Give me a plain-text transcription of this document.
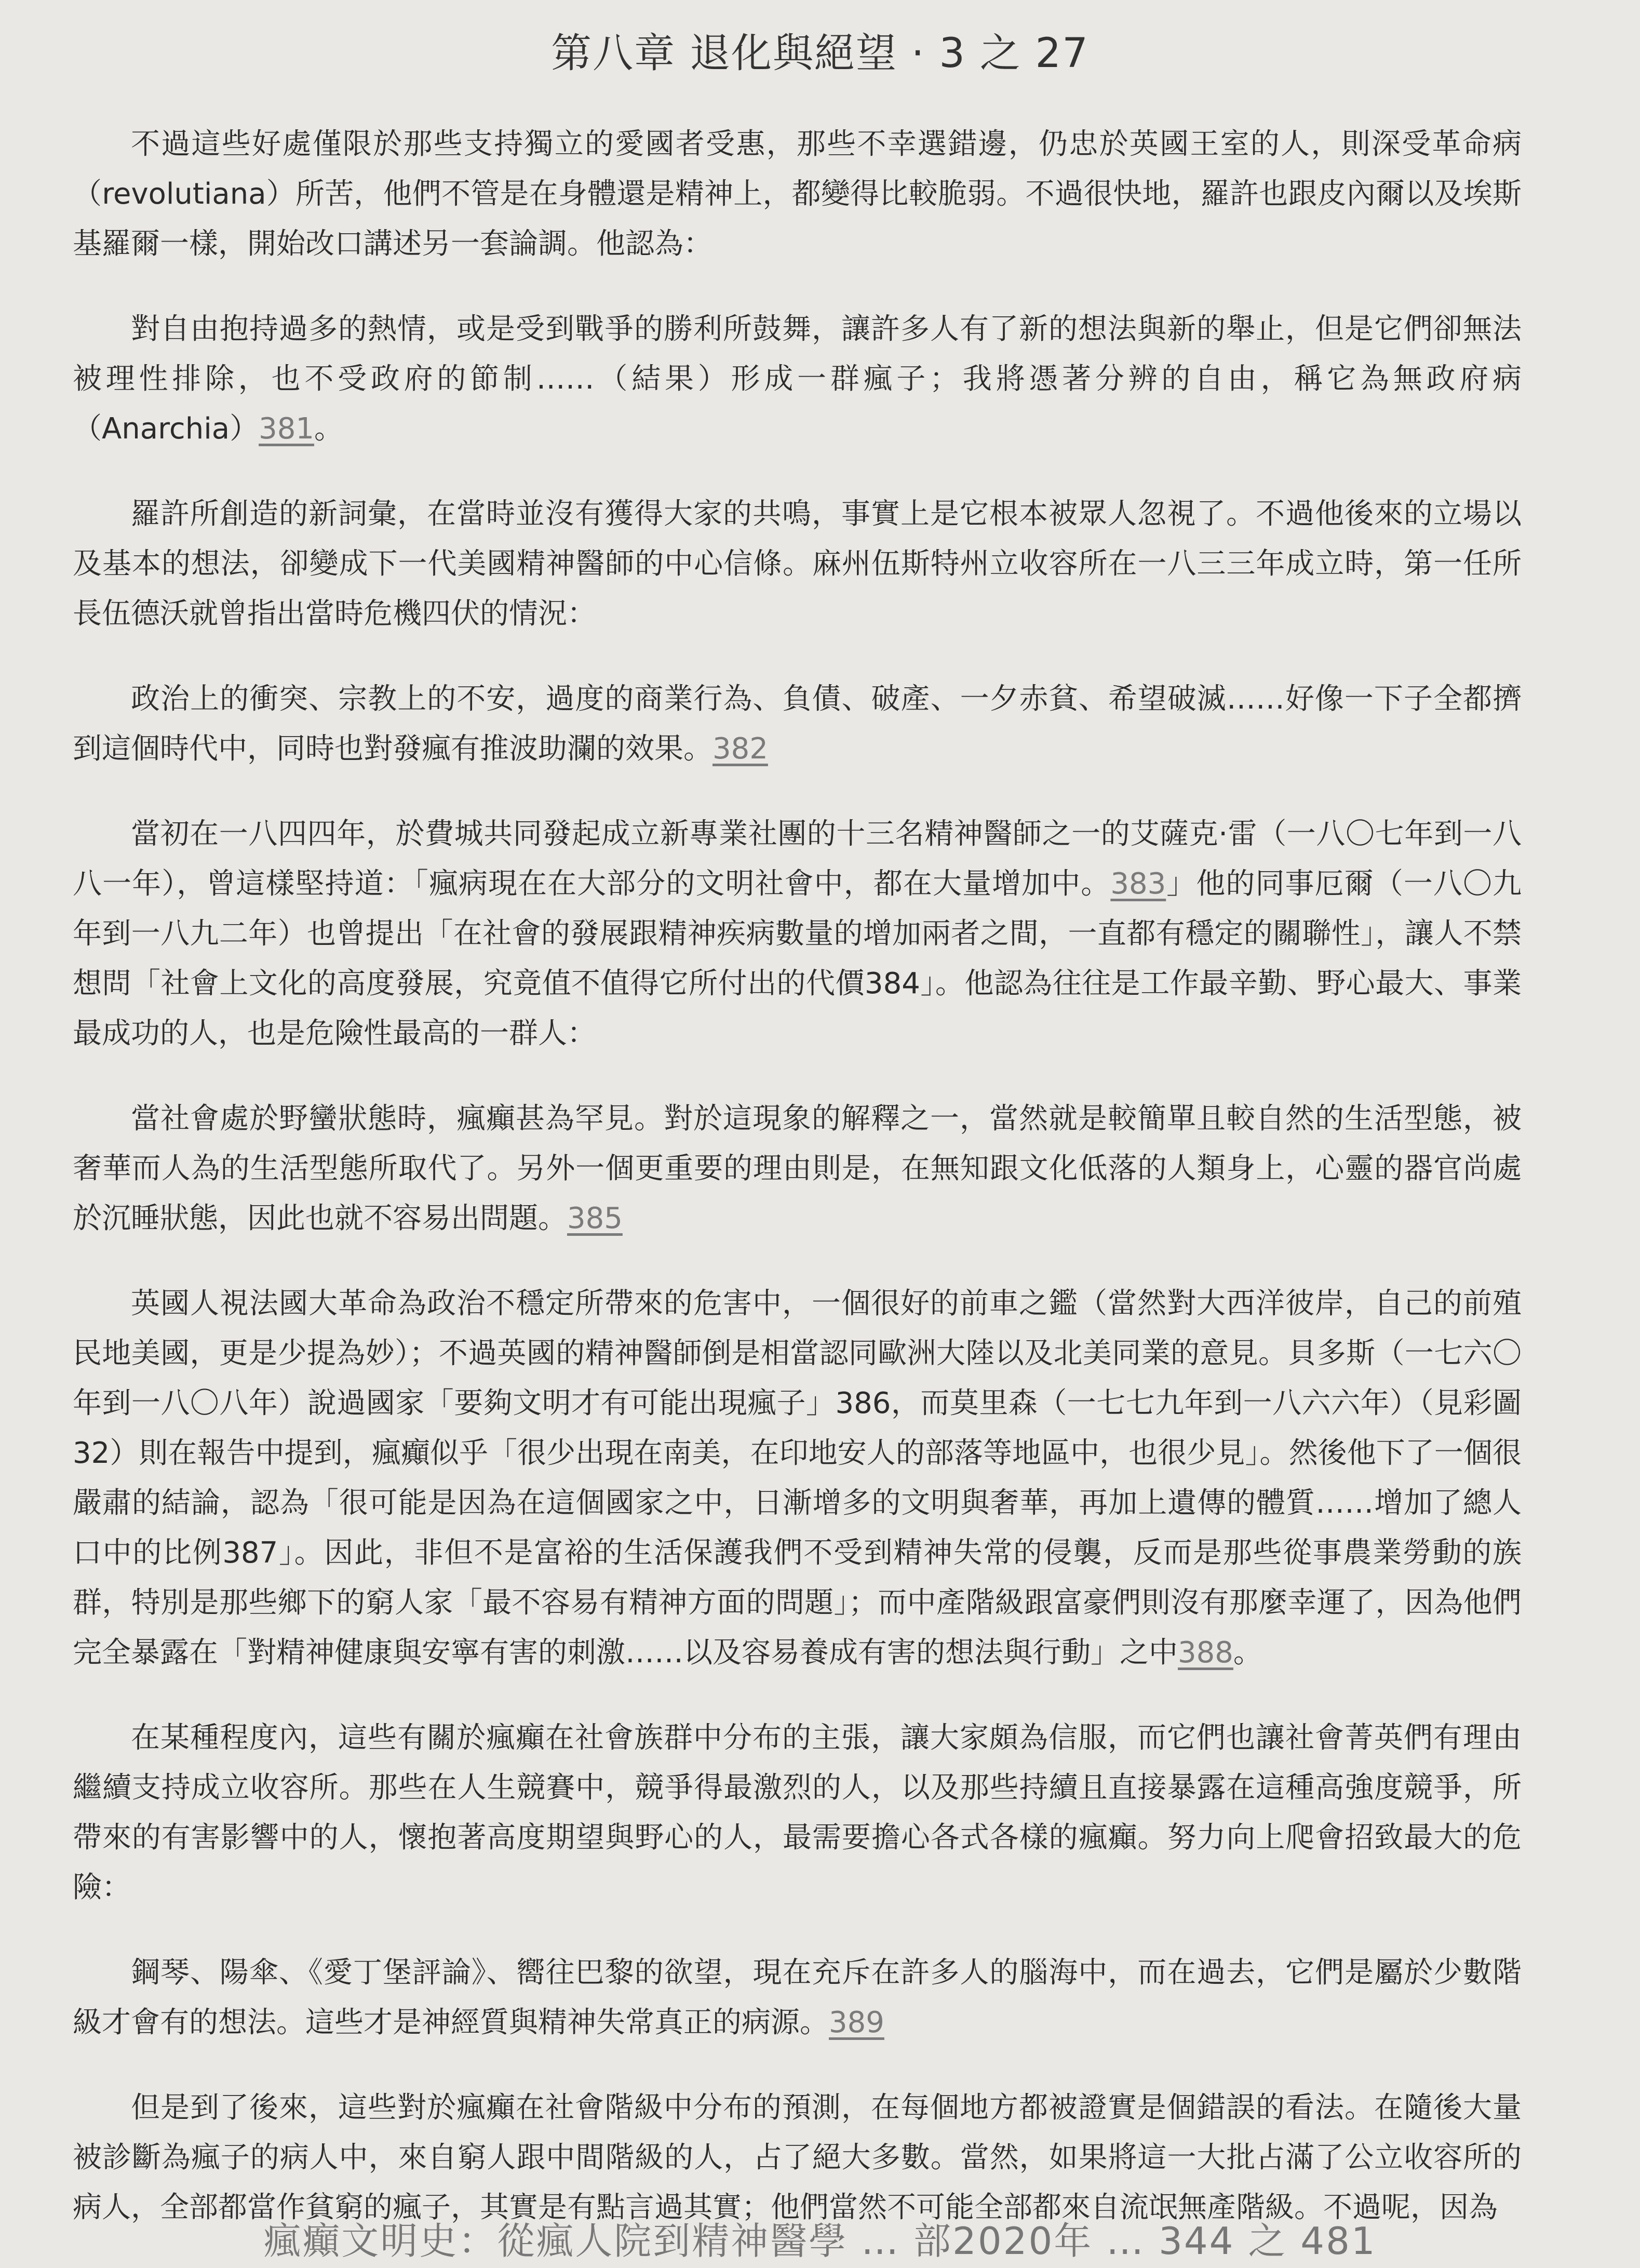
第八章 退化與絕望 · 3 之 27

不過這些好處僅限於那些支持獨立的愛國者受惠，那些不幸選錯邊，仍忠於英國王室的人，則深受革命病（revolutiana）所苦，他們不管是在身體還是精神上，都變得比較脆弱。不過很快地，羅許也跟皮內爾以及埃斯基羅爾一樣，開始改口講述另一套論調。他認為：

對自由抱持過多的熱情，或是受到戰爭的勝利所鼓舞，讓許多人有了新的想法與新的舉止，但是它們卻無法被理性排除，也不受政府的節制……（結果）形成一群瘋子；我將憑著分辨的自由，稱它為無政府病（Anarchia）381。

羅許所創造的新詞彙，在當時並沒有獲得大家的共鳴，事實上是它根本被眾人忽視了。不過他後來的立場以及基本的想法，卻變成下一代美國精神醫師的中心信條。麻州伍斯特州立收容所在一八三三年成立時，第一任所長伍德沃就曾指出當時危機四伏的情況：

政治上的衝突、宗教上的不安，過度的商業行為、負債、破產、一夕赤貧、希望破滅……好像一下子全都擠到這個時代中，同時也對發瘋有推波助瀾的效果。382

當初在一八四四年，於費城共同發起成立新專業社團的十三名精神醫師之一的艾薩克·雷（一八〇七年到一八八一年），曾這樣堅持道：「瘋病現在在大部分的文明社會中，都在大量增加中。383」他的同事厄爾（一八〇九年到一八九二年）也曾提出「在社會的發展跟精神疾病數量的增加兩者之間，一直都有穩定的關聯性」，讓人不禁想問「社會上文化的高度發展，究竟值不值得它所付出的代價384」。他認為往往是工作最辛勤、野心最大、事業最成功的人，也是危險性最高的一群人：

當社會處於野蠻狀態時，瘋癲甚為罕見。對於這現象的解釋之一，當然就是較簡單且較自然的生活型態，被奢華而人為的生活型態所取代了。另外一個更重要的理由則是，在無知跟文化低落的人類身上，心靈的器官尚處於沉睡狀態，因此也就不容易出問題。385

英國人視法國大革命為政治不穩定所帶來的危害中，一個很好的前車之鑑（當然對大西洋彼岸，自己的前殖民地美國，更是少提為妙）；不過英國的精神醫師倒是相當認同歐洲大陸以及北美同業的意見。貝多斯（一七六〇年到一八〇八年）說過國家「要夠文明才有可能出現瘋子」386，而莫里森（一七七九年到一八六六年）（見彩圖32）則在報告中提到，瘋癲似乎「很少出現在南美，在印地安人的部落等地區中，也很少見」。然後他下了一個很嚴肅的結論，認為「很可能是因為在這個國家之中，日漸增多的文明與奢華，再加上遺傳的體質……增加了總人口中的比例387」。因此，非但不是富裕的生活保護我們不受到精神失常的侵襲，反而是那些從事農業勞動的族群，特別是那些鄉下的窮人家「最不容易有精神方面的問題」；而中產階級跟富豪們則沒有那麼幸運了，因為他們完全暴露在「對精神健康與安寧有害的刺激……以及容易養成有害的想法與行動」之中388。

在某種程度內，這些有關於瘋癲在社會族群中分布的主張，讓大家頗為信服，而它們也讓社會菁英們有理由繼續支持成立收容所。那些在人生競賽中，競爭得最激烈的人，以及那些持續且直接暴露在這種高強度競爭，所帶來的有害影響中的人，懷抱著高度期望與野心的人，最需要擔心各式各樣的瘋癲。努力向上爬會招致最大的危險：

鋼琴、陽傘、《愛丁堡評論》、嚮往巴黎的欲望，現在充斥在許多人的腦海中，而在過去，它們是屬於少數階級才會有的想法。這些才是神經質與精神失常真正的病源。389

但是到了後來，這些對於瘋癲在社會階級中分布的預測，在每個地方都被證實是個錯誤的看法。在隨後大量被診斷為瘋子的病人中，來自窮人跟中間階級的人，占了絕大多數。當然，如果將這一大批占滿了公立收容所的病人，全部都當作貧窮的瘋子，其實是有點言過其實；他們當然不可能全部都來自流氓無產階級。不過呢，因為

瘋癲文明史：從瘋人院到精神醫學 … 部2020年 … 344 之 481
